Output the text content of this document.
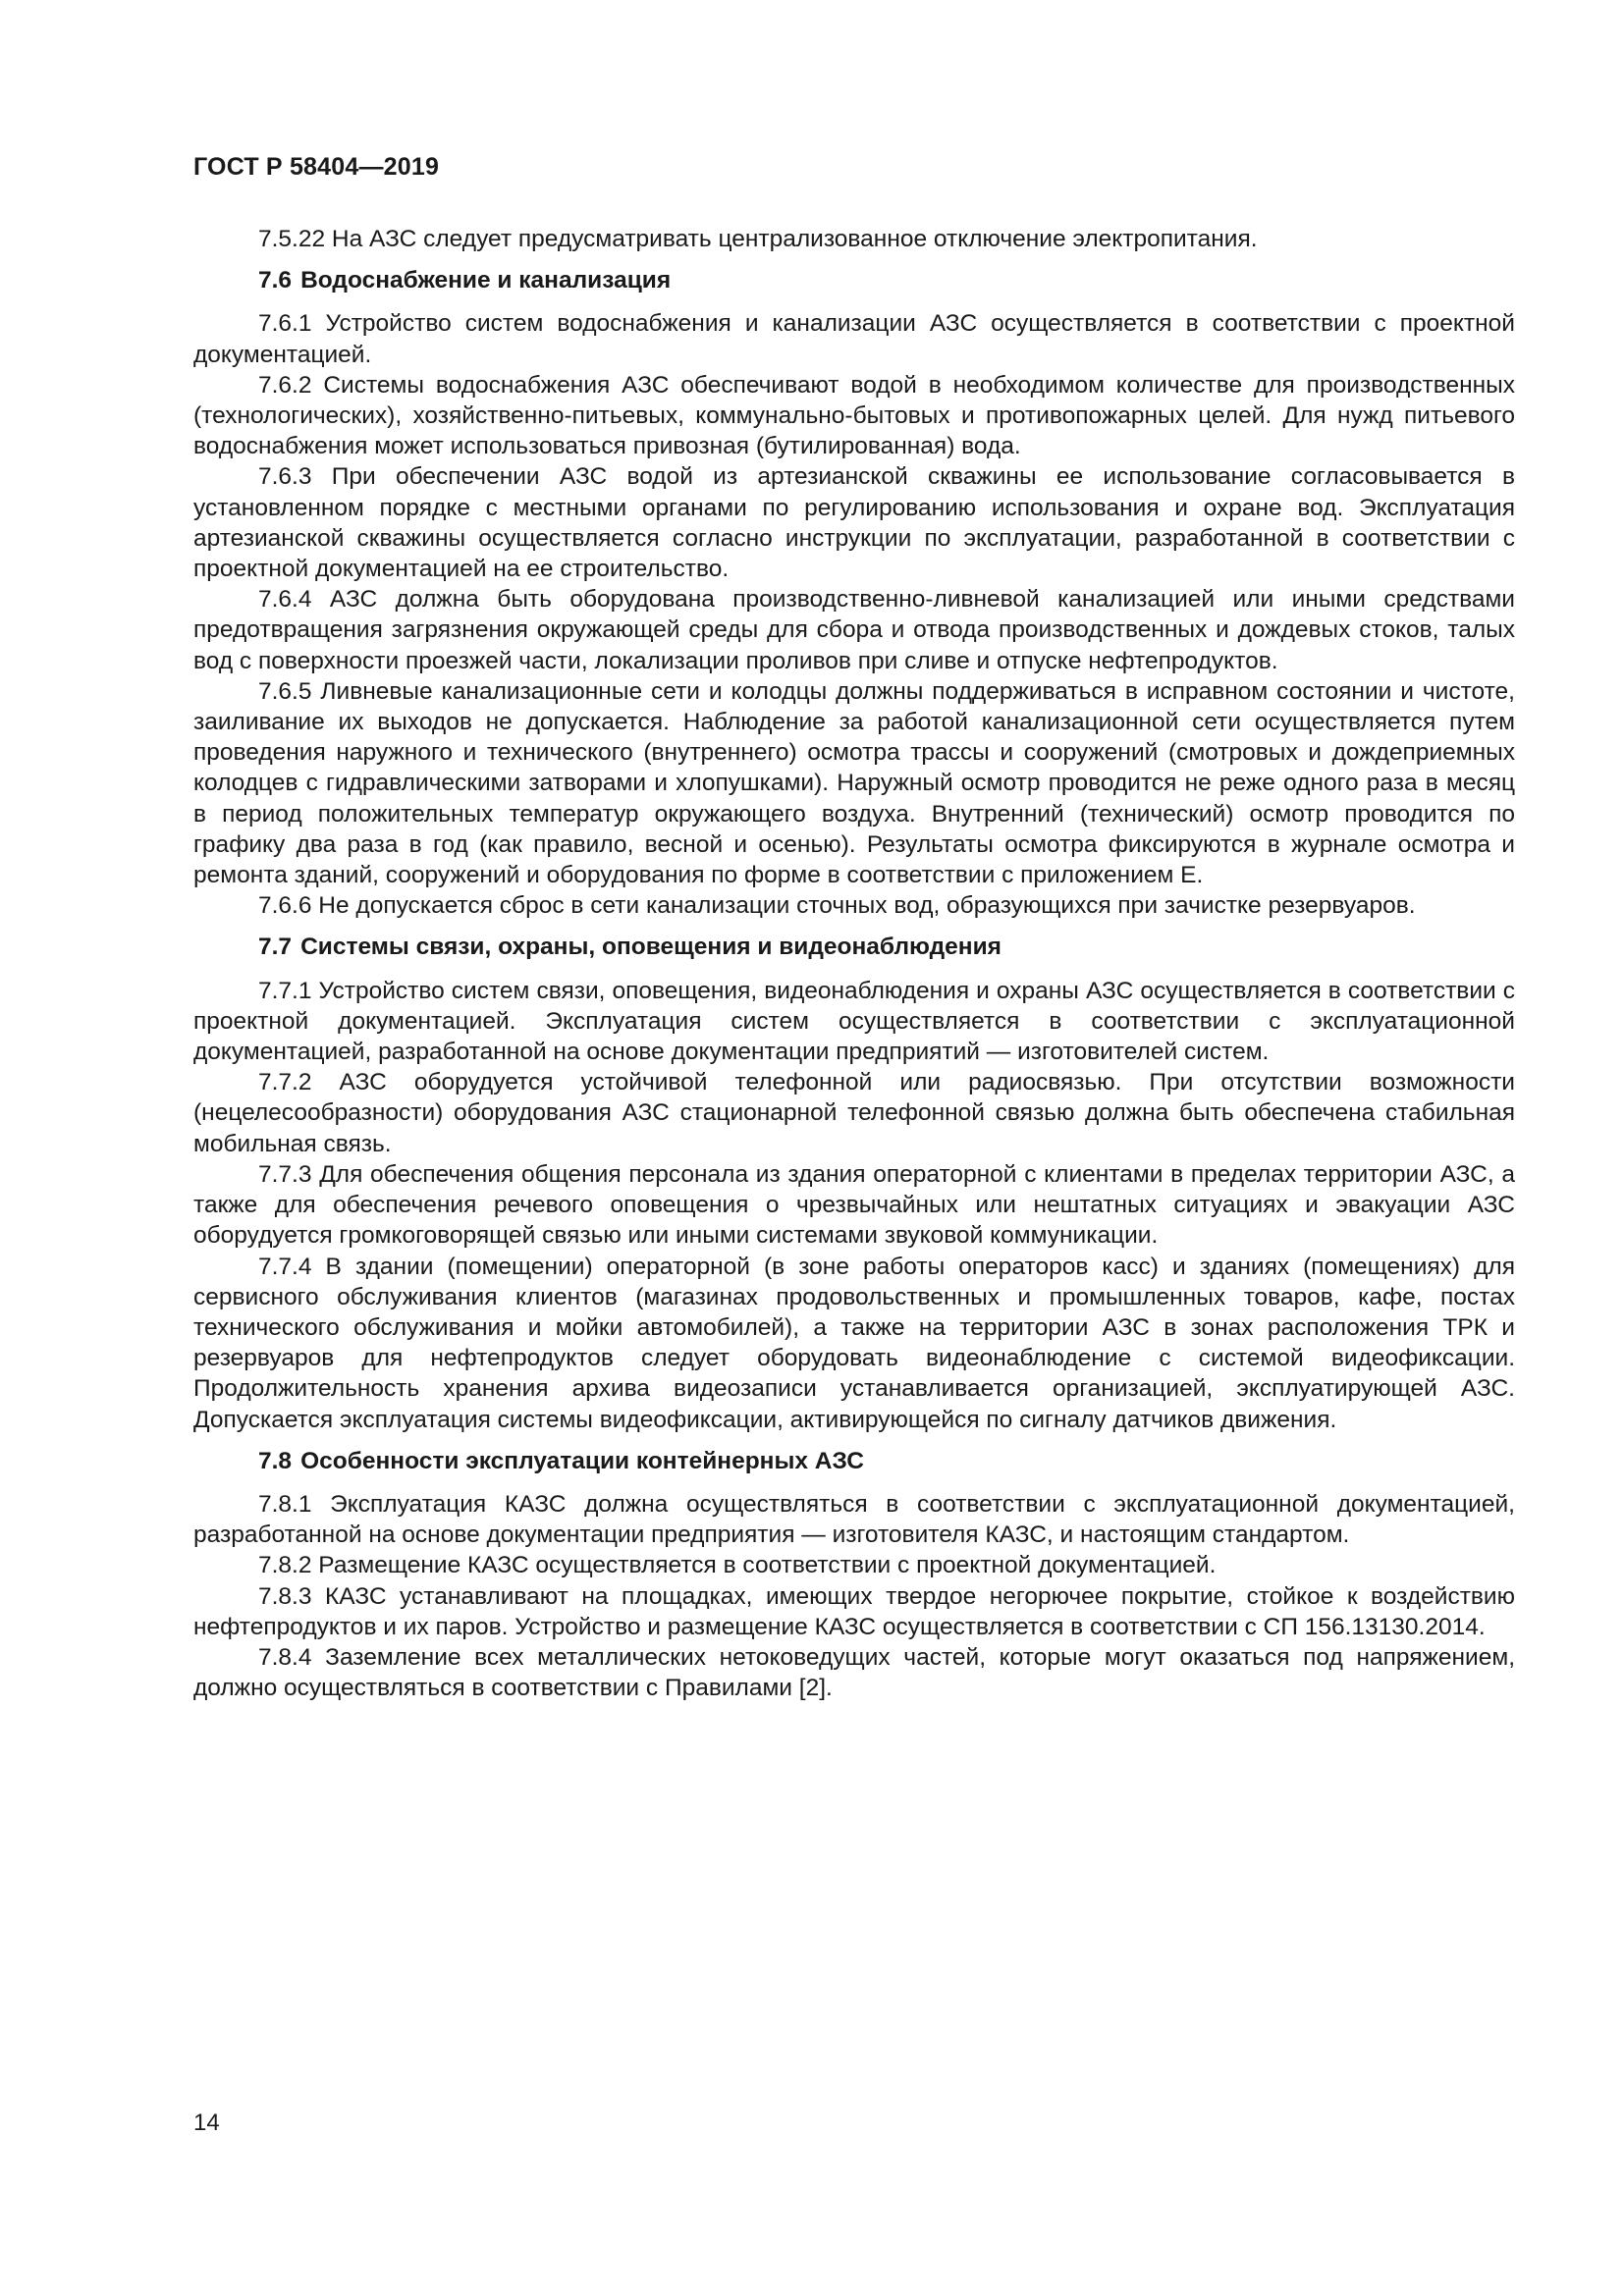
ГОСТ Р 58404—2019

7.5.22 На АЗС следует предусматривать централизованное отключение электропитания.

7.6 Водоснабжение и канализация

7.6.1 Устройство систем водоснабжения и канализации АЗС осуществляется в соответствии с проектной документацией.

7.6.2 Системы водоснабжения АЗС обеспечивают водой в необходимом количестве для производственных (технологических), хозяйственно-питьевых, коммунально-бытовых и противопожарных целей. Для нужд питьевого водоснабжения может использоваться привозная (бутилированная) вода.

7.6.3 При обеспечении АЗС водой из артезианской скважины ее использование согласовывается в установленном порядке с местными органами по регулированию использования и охране вод. Эксплуатация артезианской скважины осуществляется согласно инструкции по эксплуатации, разработанной в соответствии с проектной документацией на ее строительство.

7.6.4 АЗС должна быть оборудована производственно-ливневой канализацией или иными средствами предотвращения загрязнения окружающей среды для сбора и отвода производственных и дождевых стоков, талых вод с поверхности проезжей части, локализации проливов при сливе и отпуске нефтепродуктов.

7.6.5 Ливневые канализационные сети и колодцы должны поддерживаться в исправном состоянии и чистоте, заиливание их выходов не допускается. Наблюдение за работой канализационной сети осуществляется путем проведения наружного и технического (внутреннего) осмотра трассы и сооружений (смотровых и дождеприемных колодцев с гидравлическими затворами и хлопушками). Наружный осмотр проводится не реже одного раза в месяц в период положительных температур окружающего воздуха. Внутренний (технический) осмотр проводится по графику два раза в год (как правило, весной и осенью). Результаты осмотра фиксируются в журнале осмотра и ремонта зданий, сооружений и оборудования по форме в соответствии с приложением Е.

7.6.6 Не допускается сброс в сети канализации сточных вод, образующихся при зачистке резервуаров.

7.7 Системы связи, охраны, оповещения и видеонаблюдения

7.7.1 Устройство систем связи, оповещения, видеонаблюдения и охраны АЗС осуществляется в соответствии с проектной документацией. Эксплуатация систем осуществляется в соответствии с эксплуатационной документацией, разработанной на основе документации предприятий — изготовителей систем.

7.7.2 АЗС оборудуется устойчивой телефонной или радиосвязью. При отсутствии возможности (нецелесообразности) оборудования АЗС стационарной телефонной связью должна быть обеспечена стабильная мобильная связь.

7.7.3 Для обеспечения общения персонала из здания операторной с клиентами в пределах территории АЗС, а также для обеспечения речевого оповещения о чрезвычайных или нештатных ситуациях и эвакуации АЗС оборудуется громкоговорящей связью или иными системами звуковой коммуникации.

7.7.4 В здании (помещении) операторной (в зоне работы операторов касс) и зданиях (помещениях) для сервисного обслуживания клиентов (магазинах продовольственных и промышленных товаров, кафе, постах технического обслуживания и мойки автомобилей), а также на территории АЗС в зонах расположения ТРК и резервуаров для нефтепродуктов следует оборудовать видеонаблюдение с системой видеофиксации. Продолжительность хранения архива видеозаписи устанавливается организацией, эксплуатирующей АЗС. Допускается эксплуатация системы видеофиксации, активирующейся по сигналу датчиков движения.

7.8 Особенности эксплуатации контейнерных АЗС

7.8.1 Эксплуатация КАЗС должна осуществляться в соответствии с эксплуатационной документацией, разработанной на основе документации предприятия — изготовителя КАЗС, и настоящим стандартом.

7.8.2 Размещение КАЗС осуществляется в соответствии с проектной документацией.

7.8.3 КАЗС устанавливают на площадках, имеющих твердое негорючее покрытие, стойкое к воздействию нефтепродуктов и их паров. Устройство и размещение КАЗС осуществляется в соответствии с СП 156.13130.2014.

7.8.4 Заземление всех металлических нетоковедущих частей, которые могут оказаться под напряжением, должно осуществляться в соответствии с Правилами [2].

14
